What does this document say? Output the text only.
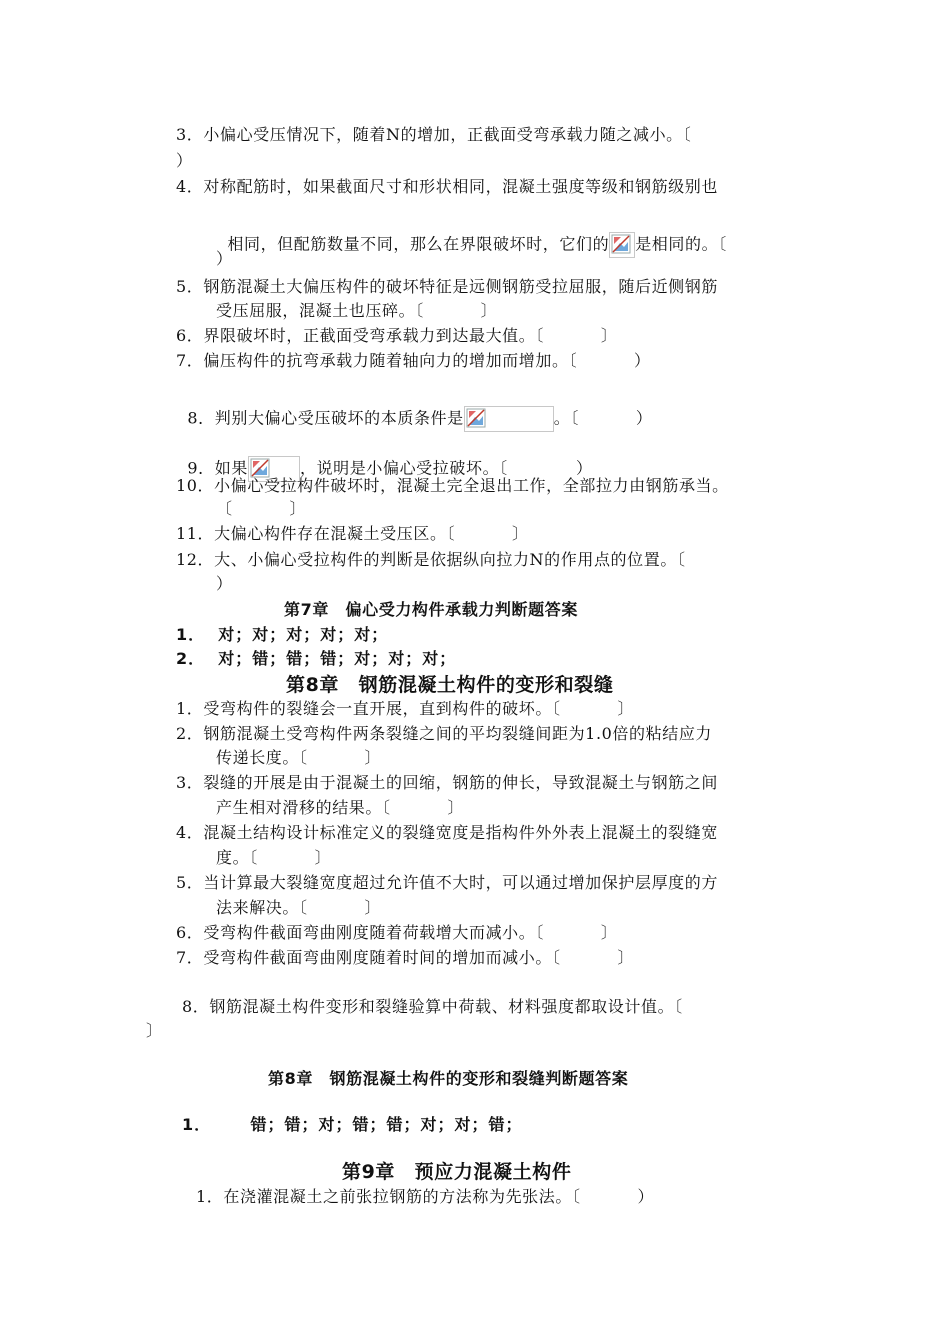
3．小偏心受压情况下，随着N的增加，正截面受弯承载力随之减小。〔
）
4．对称配筋时，如果截面尺寸和形状相同，混凝土强度等级和钢筋级别也

相同，但配筋数量不同，那么在界限破坏时，它们的 是相同的。〔

）
5．钢筋混凝土大偏压构件的破坏特征是远侧钢筋受拉屈服，随后近侧钢筋
受压屈服，混凝土也压碎。〔          〕
6．界限破坏时，正截面受弯承载力到达最大值。〔          〕
7．偏压构件的抗弯承载力随着轴向力的增加而增加。〔          ）

8．判别大偏心受压破坏的本质条件是	。〔          ）

9．如果	，说明是小偏心受拉破坏。〔            ）

10．小偏心受拉构件破坏时，混凝土完全退出工作，全部拉力由钢筋承当。
〔          〕
11．大偏心构件存在混凝土受压区。〔          〕
12．大、小偏心受拉构件的判断是依据纵向拉力N的作用点的位置。〔
）
第7章　偏心受力构件承载力判断题答案
1．  对；对；对；对；对；
2．  对；错；错；错；对；对；对；
第8章　钢筋混凝土构件的变形和裂缝
1．受弯构件的裂缝会一直开展，直到构件的破坏。〔          〕
2．钢筋混凝土受弯构件两条裂缝之间的平均裂缝间距为1.0倍的粘结应力
传递长度。〔          〕
3．裂缝的开展是由于混凝土的回缩，钢筋的伸长，导致混凝土与钢筋之间
产生相对滑移的结果。〔          〕
4．混凝土结构设计标准定义的裂缝宽度是指构件外外表上混凝土的裂缝宽
度。〔          〕
5．当计算最大裂缝宽度超过允许值不大时，可以通过增加保护层厚度的方
法来解决。〔          〕
6．受弯构件截面弯曲刚度随着荷载增大而减小。〔          〕
7．受弯构件截面弯曲刚度随着时间的增加而减小。〔          〕
8．钢筋混凝土构件变形和裂缝验算中荷载、材料强度都取设计值。〔
〕
第8章　钢筋混凝土构件的变形和裂缝判断题答案
1．      错；错；对；错；错；对；对；错；
第9章　预应力混凝土构件
1．在浇灌混凝土之前张拉钢筋的方法称为先张法。〔          ）
